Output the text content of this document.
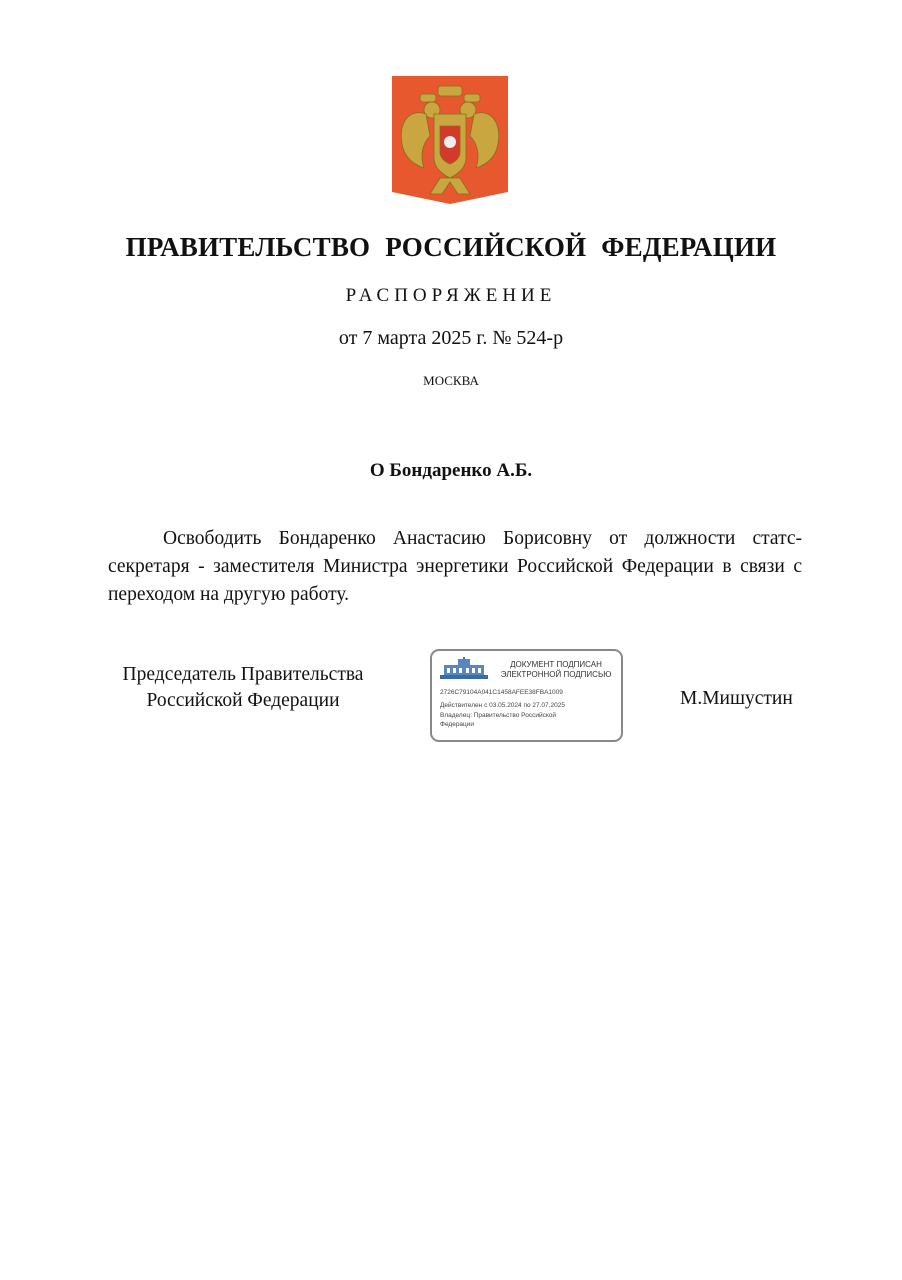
ПРАВИТЕЛЬСТВО РОССИЙСКОЙ ФЕДЕРАЦИИ
РАСПОРЯЖЕНИЕ
от 7 марта 2025 г. № 524-р
МОСКВА
О Бондаренко А.Б.

Освободить Бондаренко Анастасию Борисовну от должности статс-секретаря - заместителя Министра энергетики Российской Федерации в связи с переходом на другую работу.

Председатель Правительства
Российской Федерации
ДОКУМЕНТ ПОДПИСАН
ЭЛЕКТРОННОЙ ПОДПИСЬЮ
2726C79104A041C1458AFEE38FBA1009
Действителен с 03.05.2024 по 27.07.2025
Владелец: Правительство Российской
Федерации
М.Мишустин
